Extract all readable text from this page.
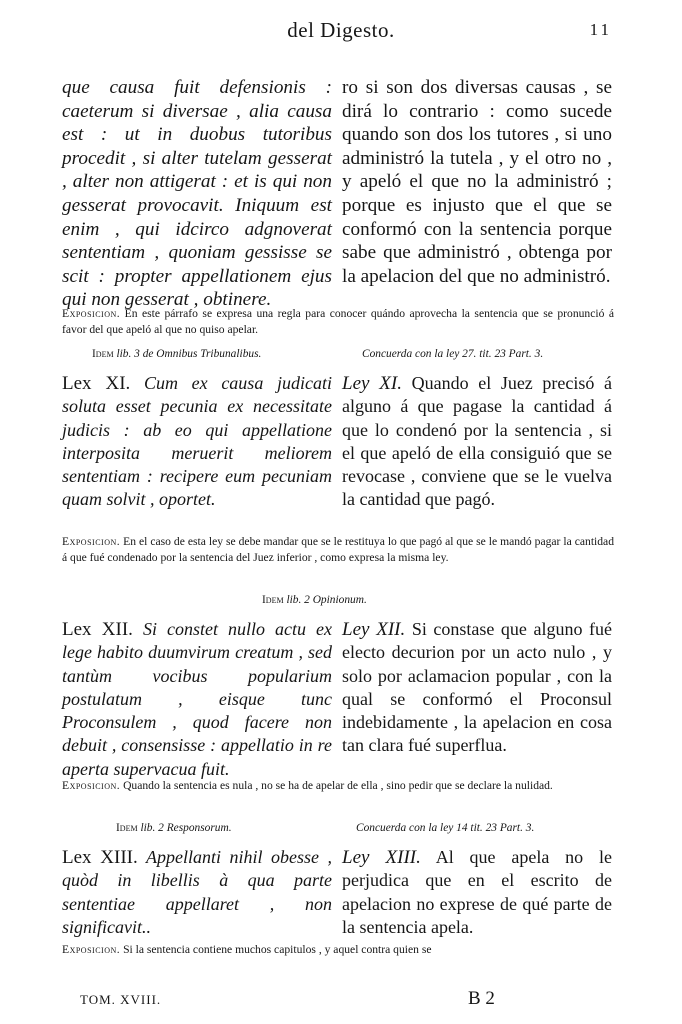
del Digesto.	11

que causa fuit defensionis : caeterum si diversae , alia causa est : ut in duobus tutoribus procedit , si alter tutelam gesserat , alter non attigerat : et is qui non gesserat provocavit. Iniquum est enim , qui idcirco adgnoverat sententiam , quoniam gessisse se scit : propter appellationem ejus qui non gesserat , obtinere.

ro si son dos diversas causas , se dirá lo contrario : como sucede quando son dos los tutores , si uno administró la tutela , y el otro no , y apeló el que no la administró ; porque es injusto que el que se conformó con la sentencia porque sabe que administró , obtenga por la apelacion del que no administró.

Exposicion. En este párrafo se expresa una regla para conocer quándo aprovecha la sentencia que se pronunció á favor del que apeló al que no quiso apelar.
Idem lib. 3 de Omnibus Tribunalibus.	Concuerda con la ley 27. tit. 23 Part. 3.

Lex XI. Cum ex causa judicati soluta esset pecunia ex necessitate judicis : ab eo qui appellatione interposita meruerit meliorem sententiam : recipere eum pecuniam quam solvit , oportet.

Ley XI. Quando el Juez precisó á alguno á que pagase la cantidad á que lo condenó por la sentencia , si el que apeló de ella consiguió que se revocase , conviene que se le vuelva la cantidad que pagó.

Exposicion. En el caso de esta ley se debe mandar que se le restituya lo que pagó al que se le mandó pagar la cantidad á que fué condenado por la sentencia del Juez inferior , como expresa la misma ley.
Idem lib. 2 Opinionum.

Lex XII. Si constet nullo actu ex lege habito duumvirum creatum , sed tantùm vocibus popularium postulatum , eisque tunc Proconsulem , quod facere non debuit , consensisse : appellatio in re aperta supervacua fuit.

Ley XII. Si constase que alguno fué electo decurion por un acto nulo , y solo por aclamacion popular , con la qual se conformó el Proconsul indebidamente , la apelacion en cosa tan clara fué superflua.

Exposicion. Quando la sentencia es nula , no se ha de apelar de ella , sino pedir que se declare la nulidad.
Idem lib. 2 Responsorum.	Concuerda con la ley 14 tit. 23 Part. 3.

Lex XIII. Appellanti nihil obesse , quòd in libellis à qua parte sententiae appellaret , non significavit..

Ley XIII. Al que apela no le perjudica que en el escrito de apelacion no exprese de qué parte de la sentencia apela.

Exposicion. Si la sentencia contiene muchos capitulos , y aquel contra quien se
TOM. XVIII.	B 2
